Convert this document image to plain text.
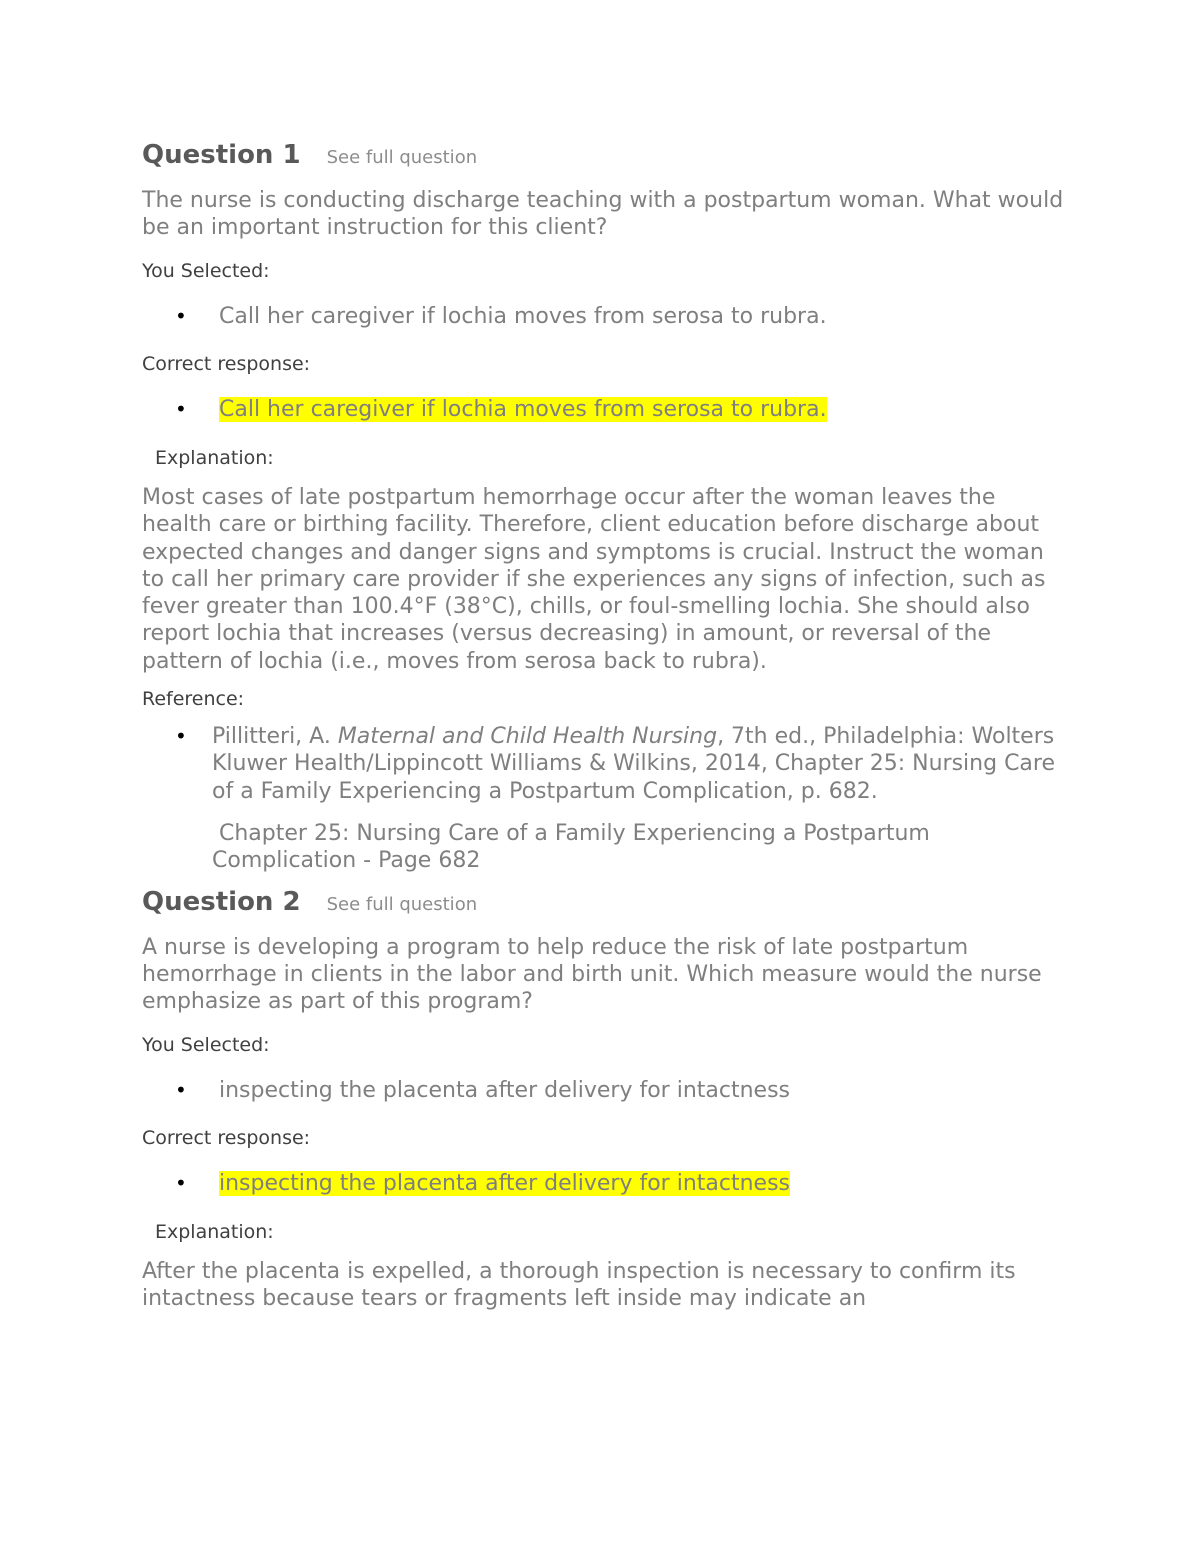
Question 1 See full question

The nurse is conducting discharge teaching with a postpartum woman. What would be an important instruction for this client?

You Selected:

•	Call her caregiver if lochia moves from serosa to rubra.

Correct response:

•	Call her caregiver if lochia moves from serosa to rubra.

Explanation:

Most cases of late postpartum hemorrhage occur after the woman leaves the health care or birthing facility. Therefore, client education before discharge about expected changes and danger signs and symptoms is crucial. Instruct the woman to call her primary care provider if she experiences any signs of infection, such as fever greater than 100.4°F (38°C), chills, or foul-smelling lochia. She should also report lochia that increases (versus decreasing) in amount, or reversal of the pattern of lochia (i.e., moves from serosa back to rubra).

Reference:

•	Pillitteri, A. Maternal and Child Health Nursing, 7th ed., Philadelphia: Wolters Kluwer Health/Lippincott Williams & Wilkins, 2014, Chapter 25: Nursing Care of a Family Experiencing a Postpartum Complication, p. 682.
Chapter 25: Nursing Care of a Family Experiencing a Postpartum Complication - Page 682
Question 2 See full question

A nurse is developing a program to help reduce the risk of late postpartum hemorrhage in clients in the labor and birth unit. Which measure would the nurse emphasize as part of this program?

You Selected:

•	inspecting the placenta after delivery for intactness

Correct response:

•	inspecting the placenta after delivery for intactness

Explanation:

After the placenta is expelled, a thorough inspection is necessary to confirm its intactness because tears or fragments left inside may indicate an
